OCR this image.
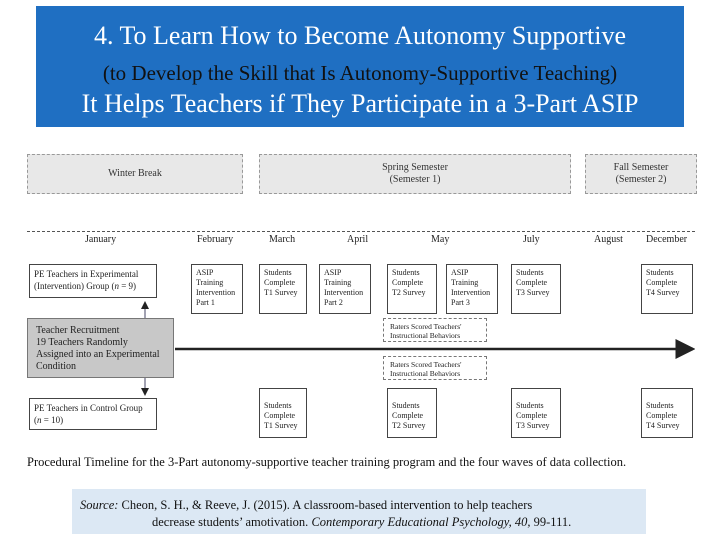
4. To Learn How to Become Autonomy Supportive
(to Develop the Skill that Is Autonomy-Supportive Teaching)
It Helps Teachers if They Participate in a 3-Part ASIP
Winter Break
Spring Semester
(Semester 1)
Fall Semester
(Semester 2)
January	February	March	April	May	July	August December
PE Teachers in Experimental
(Intervention) Group (n = 9)
Teacher Recruitment
19 Teachers Randomly
Assigned into an Experimental
Condition
PE Teachers in Control Group
(n = 10)
ASIP
Training
Intervention
Part 1
Students
Complete
T1 Survey
ASIP
Training
Intervention
Part 2
Students
Complete
T2 Survey
ASIP
Training
Intervention
Part 3
Students
Complete
T3 Survey
Students
Complete
T4 Survey
Raters Scored Teachers'
Instructional Behaviors
Raters Scored Teachers'
Instructional Behaviors
Students
Complete
T1 Survey
Students
Complete
T2 Survey
Students
Complete
T3 Survey
Students
Complete
T4 Survey
Procedural Timeline for the 3-Part autonomy-supportive teacher training program and the four waves of data collection.
Source: Cheon, S. H., & Reeve, J. (2015). A classroom-based intervention to help teachers
decrease students’ amotivation. Contemporary Educational Psychology, 40, 99-111.
